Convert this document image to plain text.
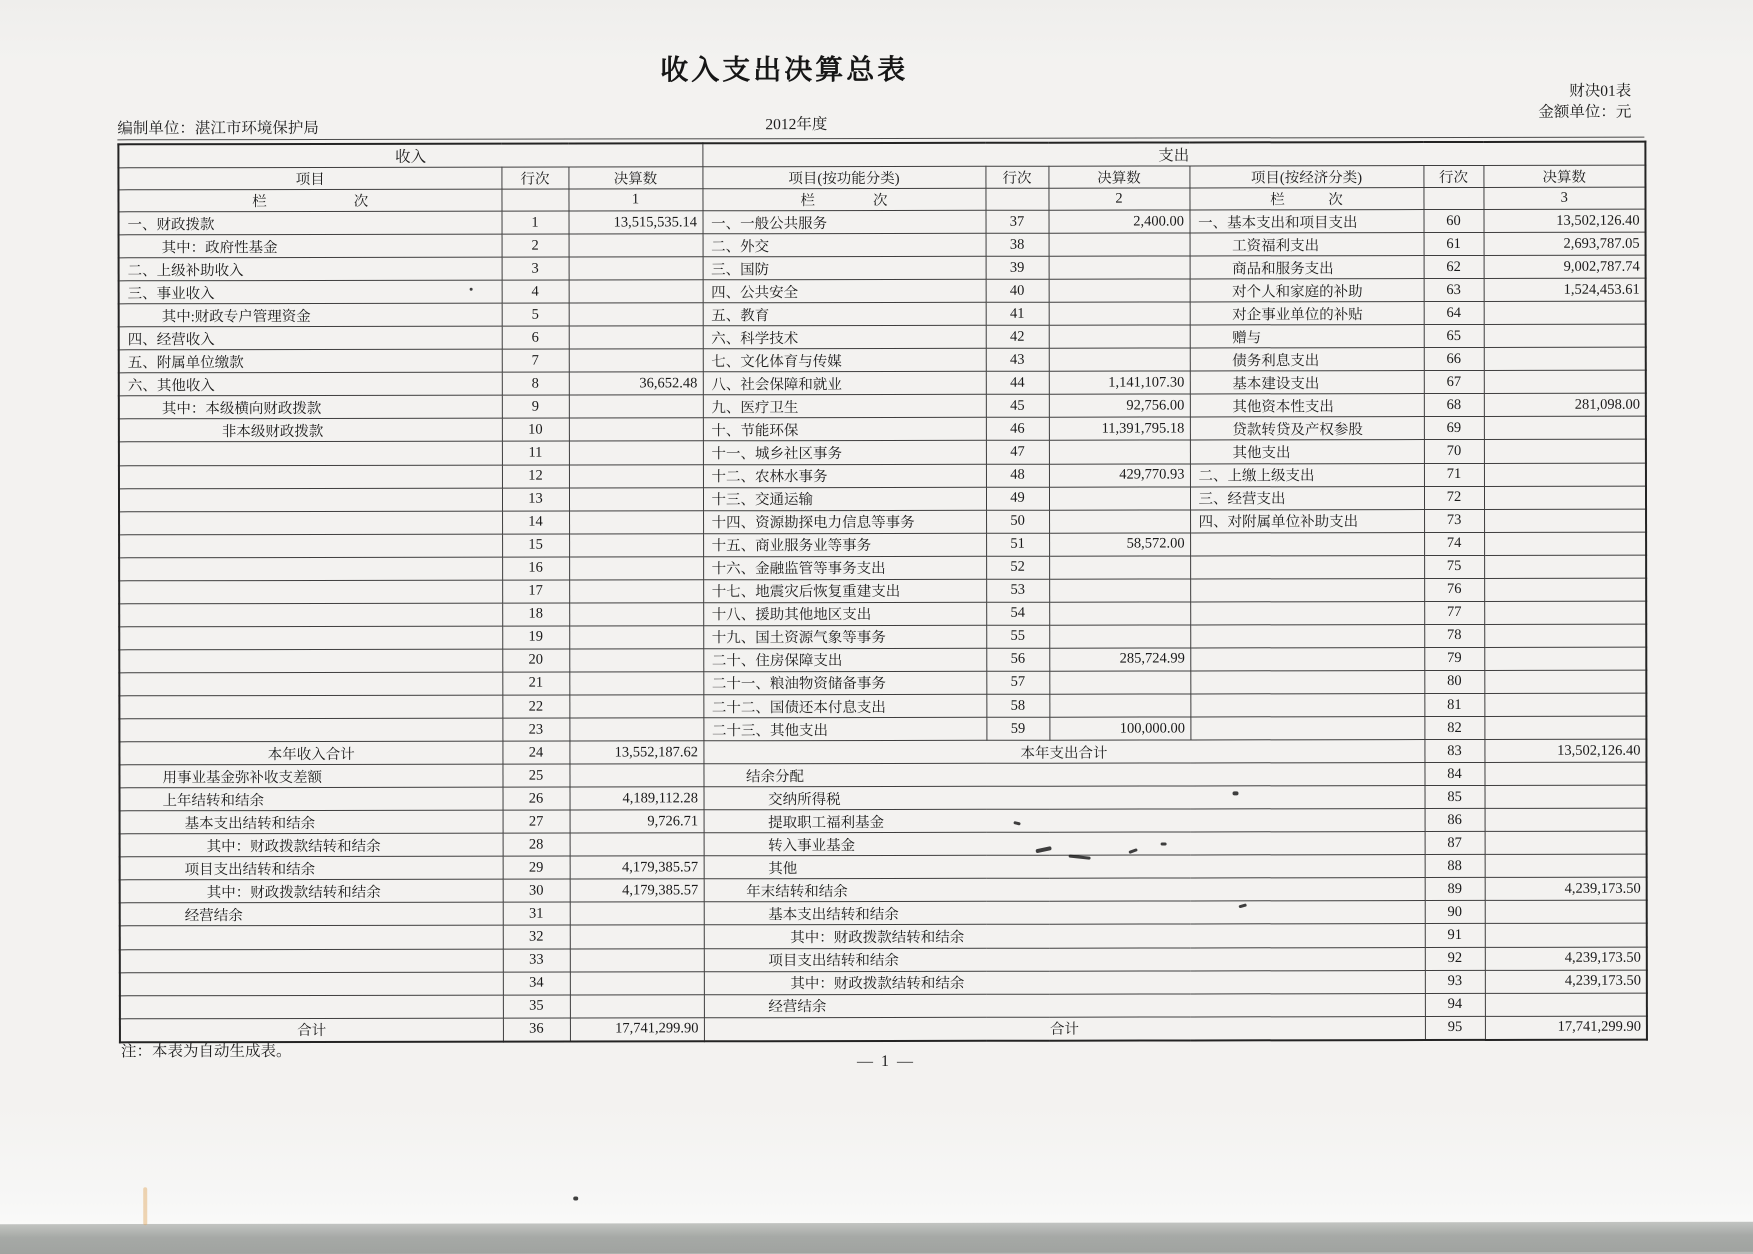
收入支出决算总表
财决01表
金额单位：元
编制单位：湛江市环境保护局	2012年度
收入			支出					
项目	行次	决算数	项目(按功能分类)	行次	决算数	项目(按经济分类)	行次	决算数
栏　　　　　　次		1	栏　　　　次		2	栏　　　次		3
一、财政拨款	1	13,515,535.14	一、一般公共服务	37	2,400.00	一、基本支出和项目支出	60	13,502,126.40
其中：政府性基金	2		二、外交	38		工资福利支出	61	2,693,787.05
二、上级补助收入	3		三、国防	39		商品和服务支出	62	9,002,787.74
三、事业收入	4		四、公共安全	40		对个人和家庭的补助	63	1,524,453.61
其中:财政专户管理资金	5		五、教育	41		对企事业单位的补贴	64	
四、经营收入	6		六、科学技术	42		赠与	65	
五、附属单位缴款	7		七、文化体育与传媒	43		债务利息支出	66	
六、其他收入	8	36,652.48	八、社会保障和就业	44	1,141,107.30	基本建设支出	67	
其中：本级横向财政拨款	9		九、医疗卫生	45	92,756.00	其他资本性支出	68	281,098.00
非本级财政拨款	10		十、节能环保	46	11,391,795.18	贷款转贷及产权参股	69	
	11		十一、城乡社区事务	47		其他支出	70	
	12		十二、农林水事务	48	429,770.93	二、上缴上级支出	71	
	13		十三、交通运输	49		三、经营支出	72	
	14		十四、资源勘探电力信息等事务	50		四、对附属单位补助支出	73	
	15		十五、商业服务业等事务	51	58,572.00		74	
	16		十六、金融监管等事务支出	52			75	
	17		十七、地震灾后恢复重建支出	53			76	
	18		十八、援助其他地区支出	54			77	
	19		十九、国土资源气象等事务	55			78	
	20		二十、住房保障支出	56	285,724.99		79	
	21		二十一、粮油物资储备事务	57			80	
	22		二十二、国债还本付息支出	58			81	
	23		二十三、其他支出	59	100,000.00		82	
本年收入合计	24	13,552,187.62	本年支出合计				83	13,502,126.40
用事业基金弥补收支差额	25		结余分配				84	
上年结转和结余	26	4,189,112.28	交纳所得税				85	
基本支出结转和结余	27	9,726.71	提取职工福利基金				86	
其中：财政拨款结转和结余	28		转入事业基金				87	
项目支出结转和结余	29	4,179,385.57	其他				88	
其中：财政拨款结转和结余	30	4,179,385.57	年末结转和结余				89	4,239,173.50
经营结余	31		基本支出结转和结余				90	
	32		其中：财政拨款结转和结余				91	
	33		项目支出结转和结余				92	4,239,173.50
	34		其中：财政拨款结转和结余				93	4,239,173.50
	35		经营结余				94	
合计	36	17,741,299.90	合计				95	17,741,299.90
注：本表为自动生成表。
— 1 —
